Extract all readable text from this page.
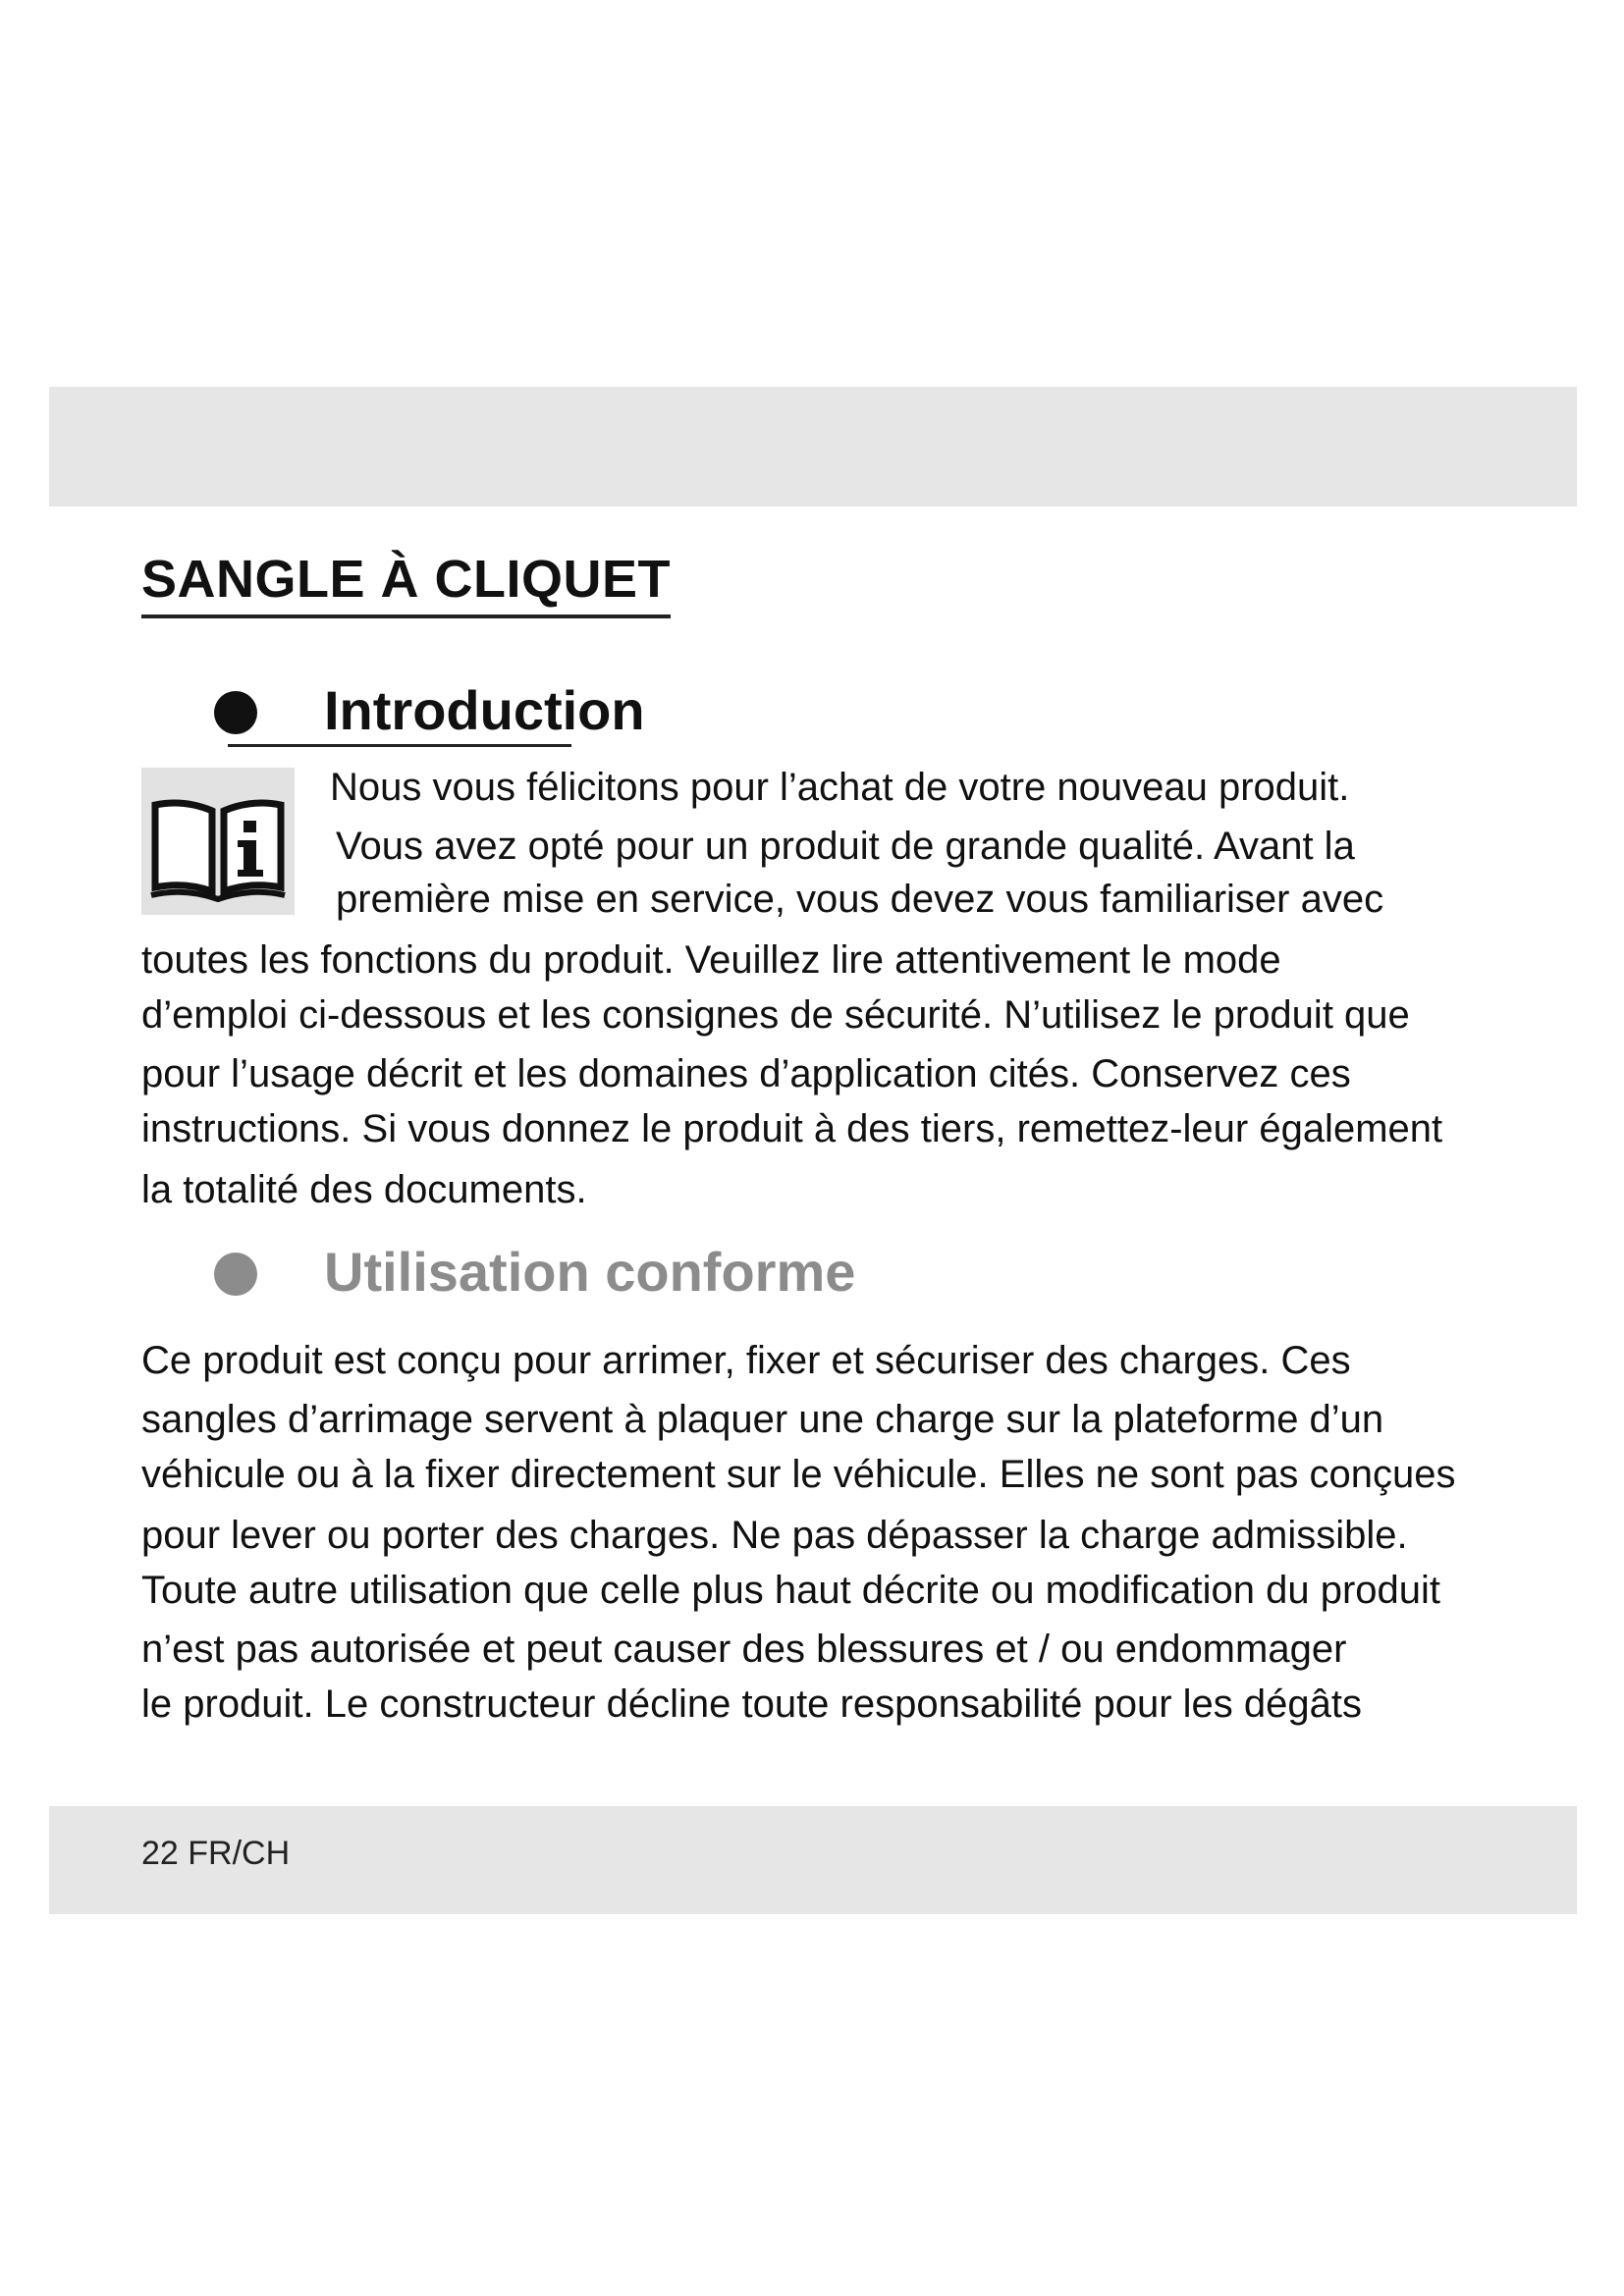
SANGLE À CLIQUET
Introduction

Nous vous félicitons pour l’achat de votre nouveau produit.

Vous avez opté pour un produit de grande qualité. Avant la

première mise en service, vous devez vous familiariser avec

toutes les fonctions du produit. Veuillez lire attentivement le mode

d’emploi ci-dessous et les consignes de sécurité. N’utilisez le produit que

pour l’usage décrit et les domaines d’application cités. Conservez ces

instructions. Si vous donnez le produit à des tiers, remettez-leur également

la totalité des documents.

Utilisation conforme

Ce produit est conçu pour arrimer, fixer et sécuriser des charges. Ces

sangles d’arrimage servent à plaquer une charge sur la plateforme d’un

véhicule ou à la fixer directement sur le véhicule. Elles ne sont pas conçues

pour lever ou porter des charges. Ne pas dépasser la charge admissible.

Toute autre utilisation que celle plus haut décrite ou modification du produit

n’est pas autorisée et peut causer des blessures et / ou endommager

le produit. Le constructeur décline toute responsabilité pour les dégâts

22 FR/CH
